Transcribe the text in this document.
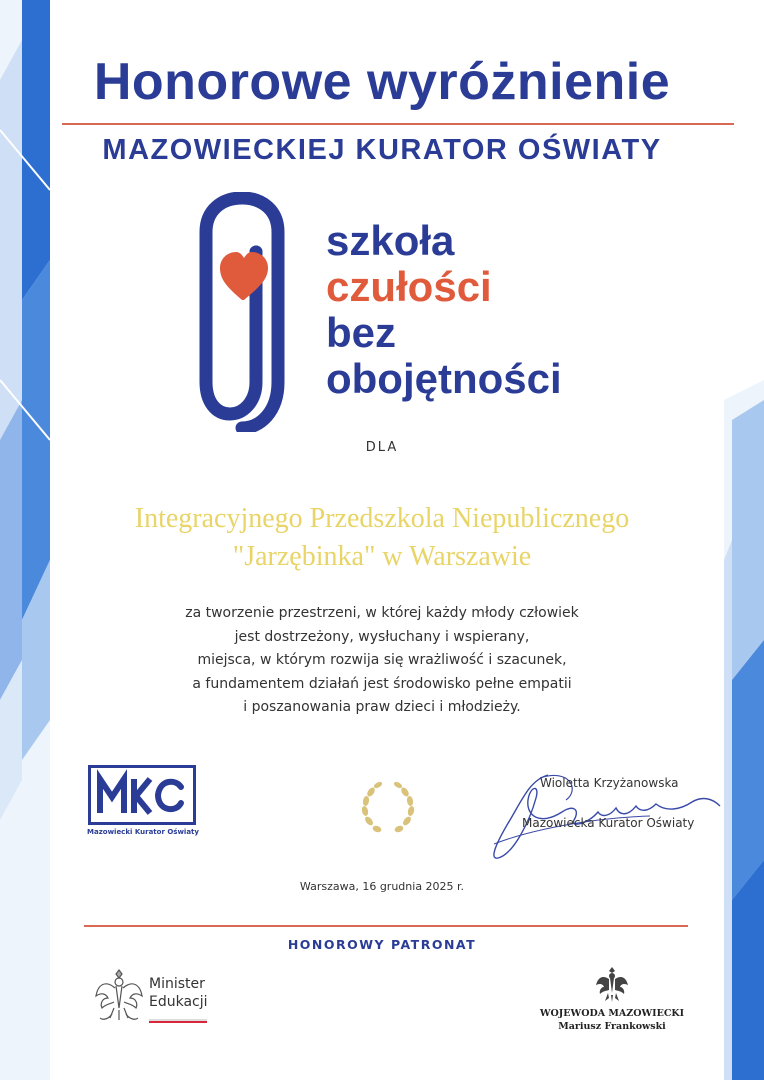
Honorowe wyróżnienie
MAZOWIECKIEJ KURATOR OŚWIATY
szkoła
czułości
bez
obojętności
DLA
Integracyjnego Przedszkola Niepublicznego
"Jarzębinka" w Warszawie
za tworzenie przestrzeni, w której każdy młody człowiek
jest dostrzeżony, wysłuchany i wspierany,
miejsca, w którym rozwija się wrażliwość i szacunek,
a fundamentem działań jest środowisko pełne empatii
i poszanowania praw dzieci i młodzieży.
Mazowiecki Kurator Oświaty
Wioletta Krzyżanowska
Mazowiecka Kurator Oświaty
Warszawa, 16 grudnia 2025 r.
HONOROWY PATRONAT
Minister
Edukacji
WOJEWODA MAZOWIECKI
Mariusz Frankowski
